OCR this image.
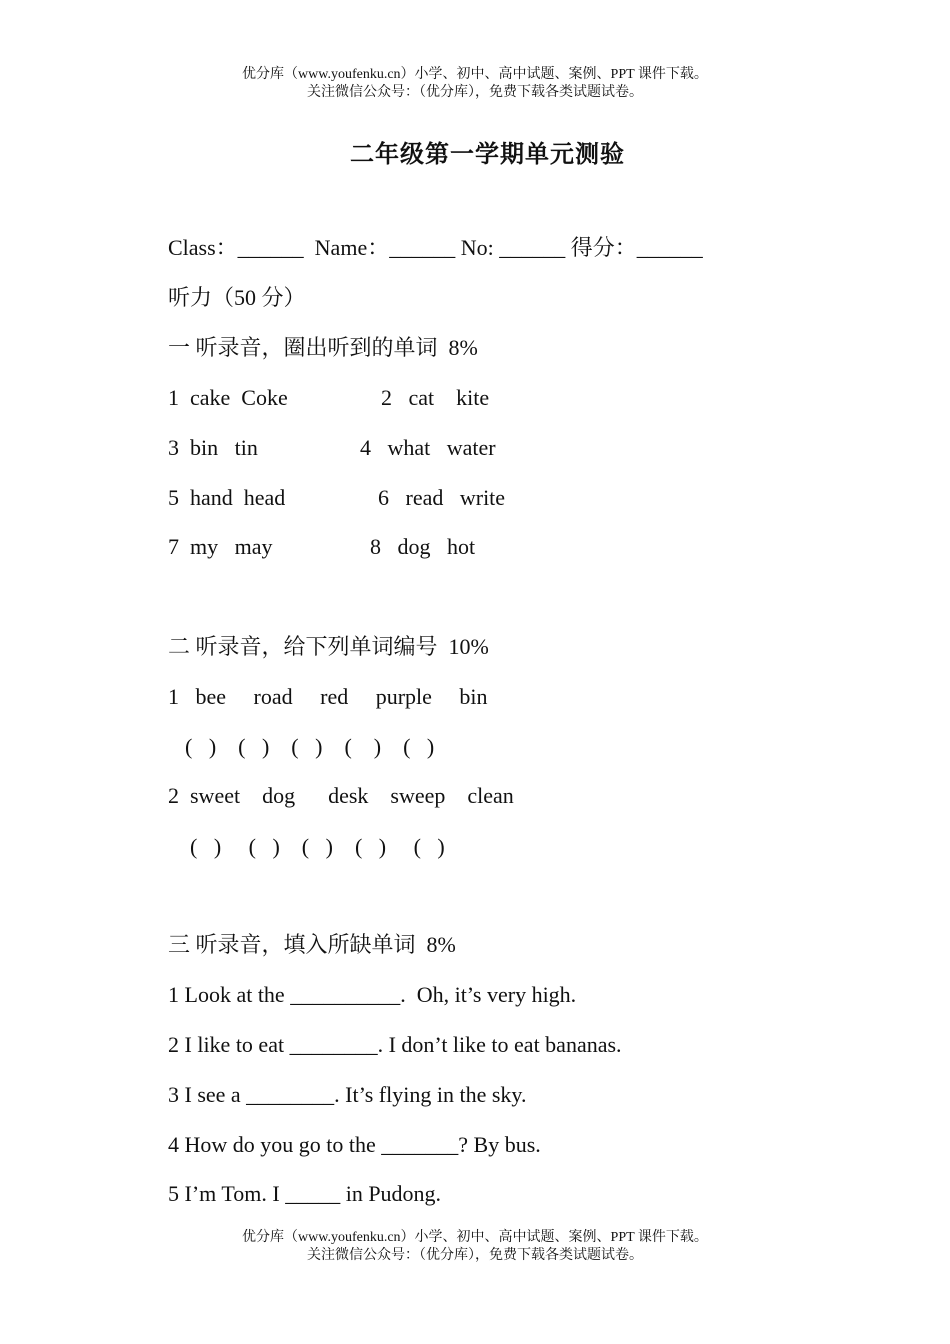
优分库（www.youfenku.cn）小学、初中、高中试题、案例、PPT 课件下载。
关注微信公众号：（优分库），免费下载各类试题试卷。
二年级第一学期单元测验
Class：______  Name：______ No: ______ 得分：______
听力（50 分）
一 听录音，圈出听到的单词  8%
1  cake  Coke	2   cat    kite
3  bin   tin	4   what   water
5  hand  head	6   read   write
7  my   may	8   dog   hot
二 听录音，给下列单词编号  10%
1   bee     road     red     purple     bin
(   )    (   )    (   )    (    )    (   )
2  sweet    dog      desk    sweep    clean
(   )     (   )    (   )    (   )     (   )
三 听录音，填入所缺单词  8%
1 Look at the __________.  Oh, it’s very high.
2 I like to eat ________. I don’t like to eat bananas.
3 I see a ________. It’s flying in the sky.
4 How do you go to the _______? By bus.
5 I’m Tom. I _____ in Pudong.
优分库（www.youfenku.cn）小学、初中、高中试题、案例、PPT 课件下载。
关注微信公众号：（优分库），免费下载各类试题试卷。
